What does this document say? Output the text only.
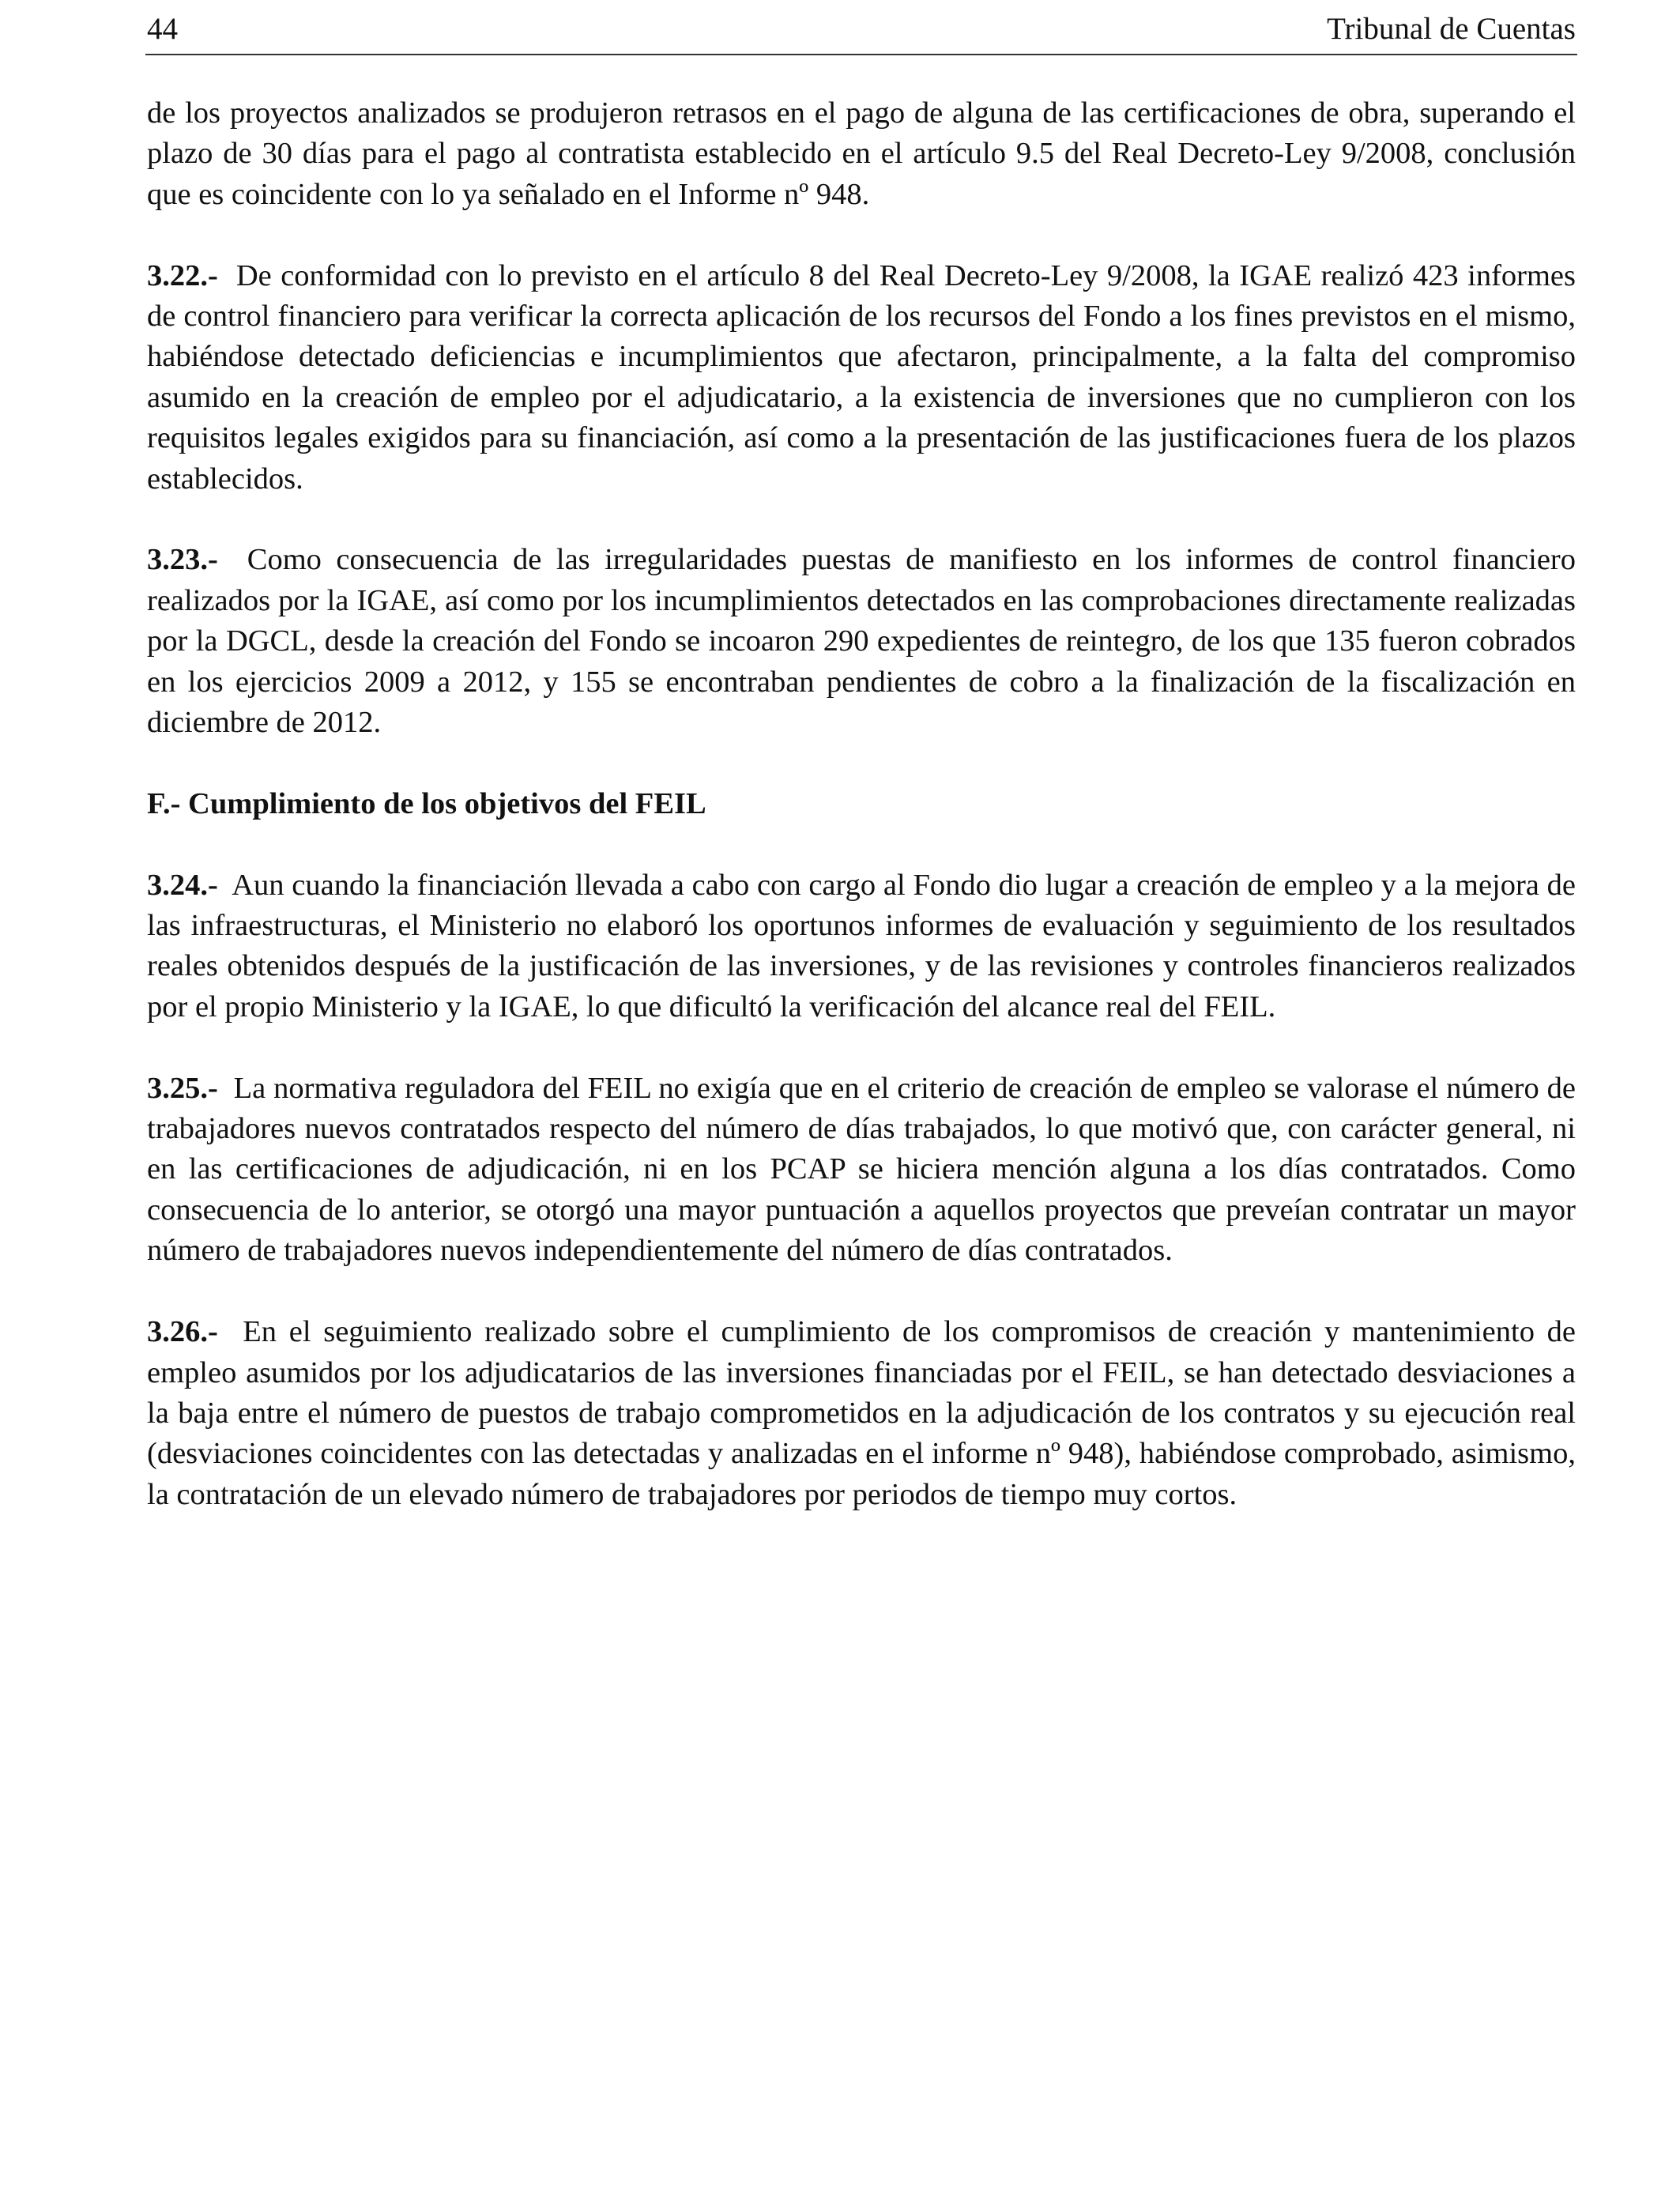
44	Tribunal de Cuentas

de los proyectos analizados se produjeron retrasos en el pago de alguna de las certificaciones de obra, superando el plazo de 30 días para el pago al contratista establecido en el artículo 9.5 del Real Decreto-Ley 9/2008, conclusión que es coincidente con lo ya señalado en el Informe nº 948.

3.22.- De conformidad con lo previsto en el artículo 8 del Real Decreto-Ley 9/2008, la IGAE realizó 423 informes de control financiero para verificar la correcta aplicación de los recursos del Fondo a los fines previstos en el mismo, habiéndose detectado deficiencias e incumplimientos que afectaron, principalmente, a la falta del compromiso asumido en la creación de empleo por el adjudicatario, a la existencia de inversiones que no cumplieron con los requisitos legales exigidos para su financiación, así como a la presentación de las justificaciones fuera de los plazos establecidos.

3.23.- Como consecuencia de las irregularidades puestas de manifiesto en los informes de control financiero realizados por la IGAE, así como por los incumplimientos detectados en las comprobaciones directamente realizadas por la DGCL, desde la creación del Fondo se incoaron 290 expedientes de reintegro, de los que 135 fueron cobrados en los ejercicios 2009 a 2012, y 155 se encontraban pendientes de cobro a la finalización de la fiscalización en diciembre de 2012.

F.- Cumplimiento de los objetivos del FEIL

3.24.- Aun cuando la financiación llevada a cabo con cargo al Fondo dio lugar a creación de empleo y a la mejora de las infraestructuras, el Ministerio no elaboró los oportunos informes de evaluación y seguimiento de los resultados reales obtenidos después de la justificación de las inversiones, y de las revisiones y controles financieros realizados por el propio Ministerio y la IGAE, lo que dificultó la verificación del alcance real del FEIL.

3.25.- La normativa reguladora del FEIL no exigía que en el criterio de creación de empleo se valorase el número de trabajadores nuevos contratados respecto del número de días trabajados, lo que motivó que, con carácter general, ni en las certificaciones de adjudicación, ni en los PCAP se hiciera mención alguna a los días contratados. Como consecuencia de lo anterior, se otorgó una mayor puntuación a aquellos proyectos que preveían contratar un mayor número de trabajadores nuevos independientemente del número de días contratados.

3.26.- En el seguimiento realizado sobre el cumplimiento de los compromisos de creación y mantenimiento de empleo asumidos por los adjudicatarios de las inversiones financiadas por el FEIL, se han detectado desviaciones a la baja entre el número de puestos de trabajo comprometidos en la adjudicación de los contratos y su ejecución real (desviaciones coincidentes con las detectadas y analizadas en el informe nº 948), habiéndose comprobado, asimismo, la contratación de un elevado número de trabajadores por periodos de tiempo muy cortos.
